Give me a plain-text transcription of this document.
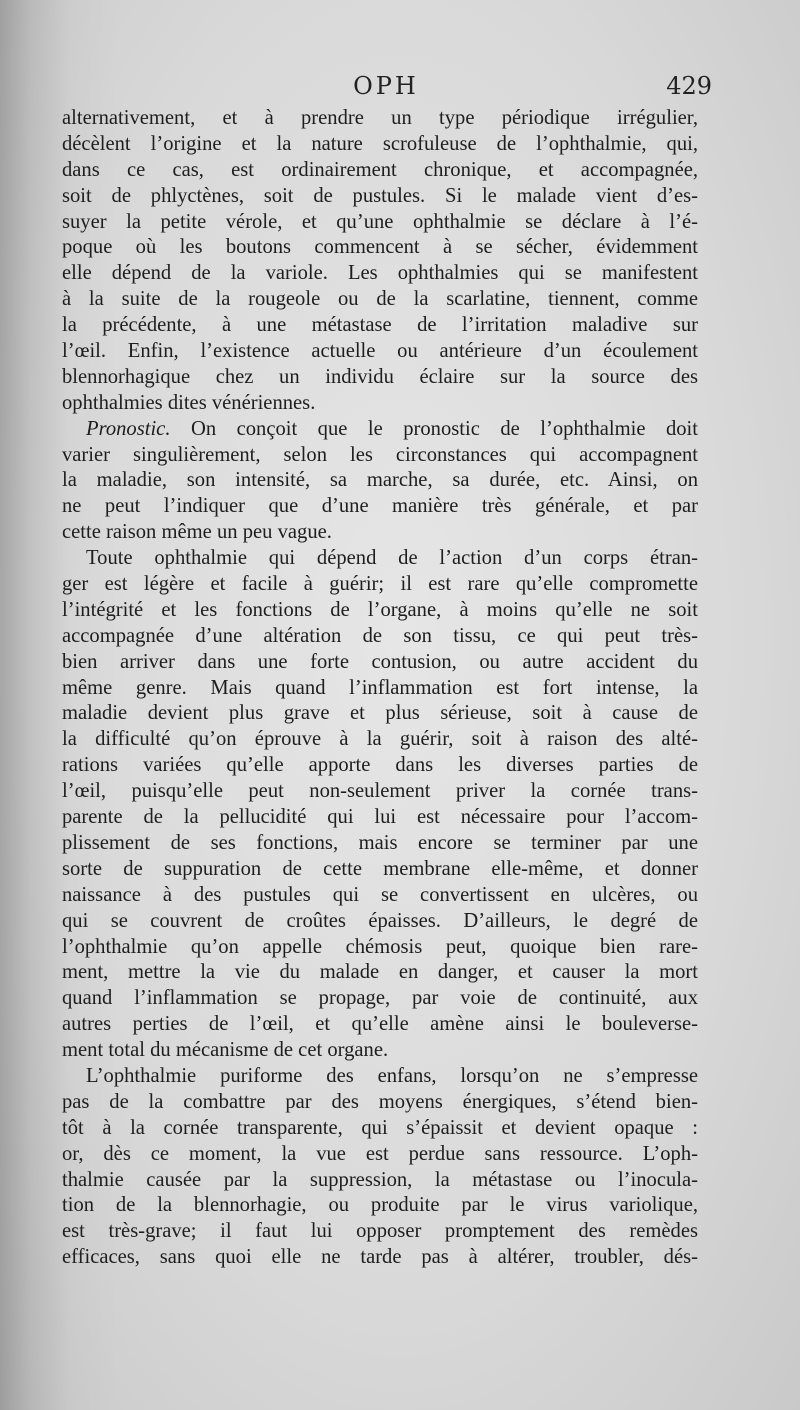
OPH	429
alternativement, et à prendre un type périodique irrégulier,
décèlent l’origine et la nature scrofuleuse de l’ophthalmie, qui,
dans ce cas, est ordinairement chronique, et accompagnée,
soit de phlyctènes, soit de pustules. Si le malade vient d’es-
suyer la petite vérole, et qu’une ophthalmie se déclare à l’é-
poque où les boutons commencent à se sécher, évidemment
elle dépend de la variole. Les ophthalmies qui se manifestent
à la suite de la rougeole ou de la scarlatine, tiennent, comme
la précédente, à une métastase de l’irritation maladive sur
l’œil. Enfin, l’existence actuelle ou antérieure d’un écoulement
blennorhagique chez un individu éclaire sur la source des
ophthalmies dites vénériennes.
Pronostic. On conçoit que le pronostic de l’ophthalmie doit
varier singulièrement, selon les circonstances qui accompagnent
la maladie, son intensité, sa marche, sa durée, etc. Ainsi, on
ne peut l’indiquer que d’une manière très générale, et par
cette raison même un peu vague.
Toute ophthalmie qui dépend de l’action d’un corps étran-
ger est légère et facile à guérir; il est rare qu’elle compromette
l’intégrité et les fonctions de l’organe, à moins qu’elle ne soit
accompagnée d’une altération de son tissu, ce qui peut très-
bien arriver dans une forte contusion, ou autre accident du
même genre. Mais quand l’inflammation est fort intense, la
maladie devient plus grave et plus sérieuse, soit à cause de
la difficulté qu’on éprouve à la guérir, soit à raison des alté-
rations variées qu’elle apporte dans les diverses parties de
l’œil, puisqu’elle peut non-seulement priver la cornée trans-
parente de la pellucidité qui lui est nécessaire pour l’accom-
plissement de ses fonctions, mais encore se terminer par une
sorte de suppuration de cette membrane elle-même, et donner
naissance à des pustules qui se convertissent en ulcères, ou
qui se couvrent de croûtes épaisses. D’ailleurs, le degré de
l’ophthalmie qu’on appelle chémosis peut, quoique bien rare-
ment, mettre la vie du malade en danger, et causer la mort
quand l’inflammation se propage, par voie de continuité, aux
autres perties de l’œil, et qu’elle amène ainsi le bouleverse-
ment total du mécanisme de cet organe.
L’ophthalmie puriforme des enfans, lorsqu’on ne s’empresse
pas de la combattre par des moyens énergiques, s’étend bien-
tôt à la cornée transparente, qui s’épaissit et devient opaque :
or, dès ce moment, la vue est perdue sans ressource. L’oph-
thalmie causée par la suppression, la métastase ou l’inocula-
tion de la blennorhagie, ou produite par le virus variolique,
est très-grave; il faut lui opposer promptement des remèdes
efficaces, sans quoi elle ne tarde pas à altérer, troubler, dés-
